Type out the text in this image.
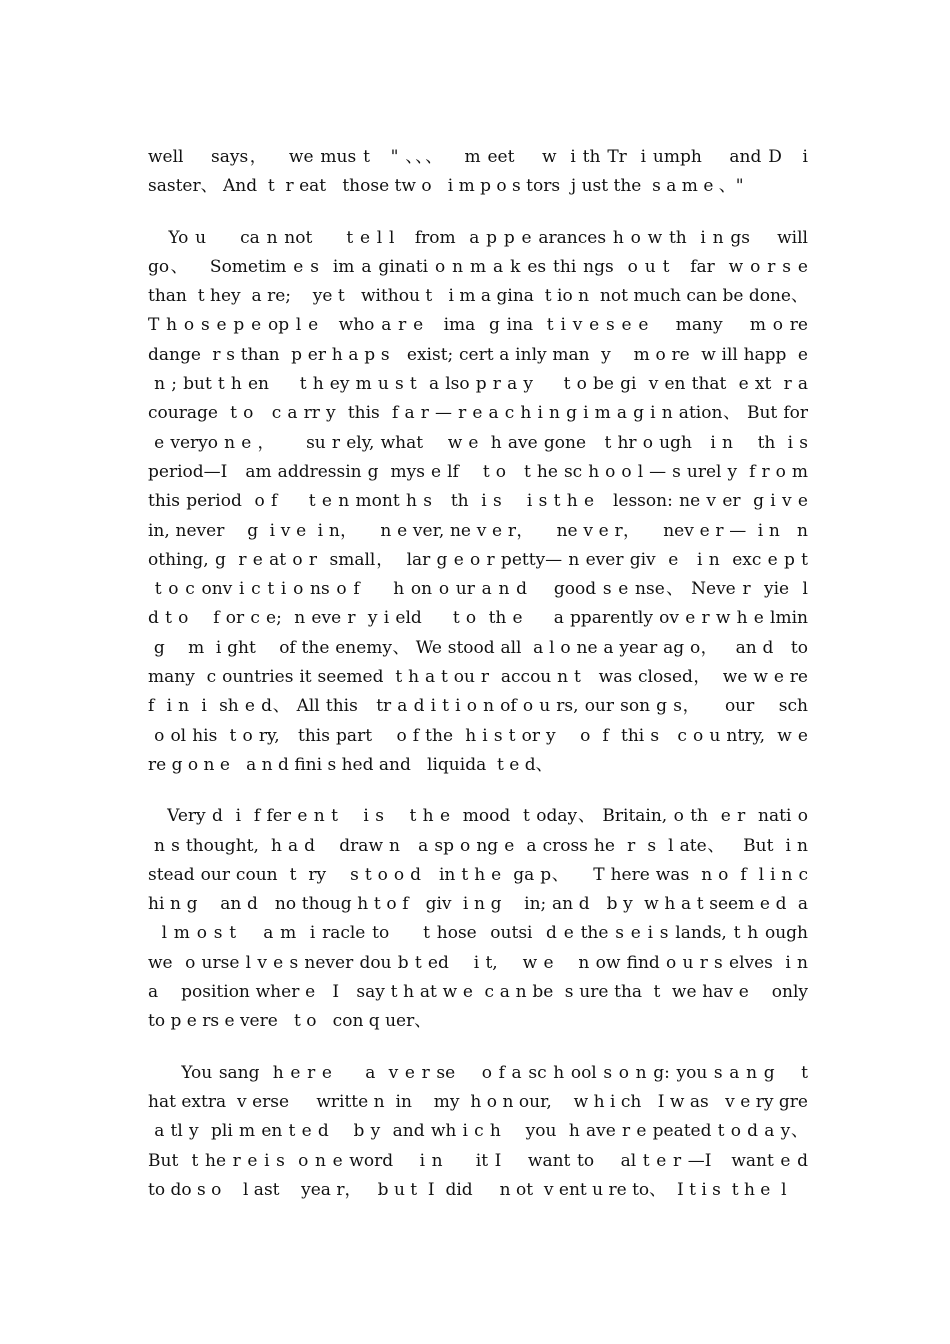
well    says，   we mus t   " 、、、   m eet    w  i th Tr  i umph    and D   i
saster、 And  t  r eat   those tw o   i m p o s tors  j ust the  s a m e 、"
Yo u     ca n not     t e l l   from  a p p e arances h o w th  i n gs    will
go、   Sometim e s  im a ginati o n m a k es thi ngs  o u t   far  w o r s e
than  t hey  a re;    ye t   withou t   i m a gina  t io n  not much can be done、
T h o s e p e op l e   who a r e   ima  g ina  t i v e s e e    many    m o re
dange  r s than  p er h a p s   exist; cert a inly man  y    m o re  w ill happ  e
n ; but t h en     t h ey m u s t  a lso p r a y     t o be gi  v en that  e xt  r a
courage  t o   c a rr y  this  f a r — r e a c h i n g i m a g i n ation、 But for
e veryo n e ，     su r ely, what    w e  h ave gone   t hr o ugh   i n    th  i s
period—I   am addressin g  mys e lf    t o   t he sc h o o l — s urel y  f r o m
this period  o f     t e n mont h s   th  i s    i s t h e   lesson: ne v er  g i v e
in, never    g  i v e  i n，    n e ver, ne v e r，    ne v e r，    nev e r —  i n   n
othing, g  r e at o r  small，  lar g e o r petty— n ever giv  e   i n  exc e p t
t o c onv i c t i o ns o f     h on o ur a n d    good s e nse、 Neve r  yie  l
d t o    f or c e;  n eve r  y i eld     t o  th e     a pparently ov e r w h e lmin
g    m  i ght    of the enemy、 We stood all  a l o ne a year ag o，   an d   to
many  c ountries it seemed  t h a t ou r  accou n t   was closed，  we w e re
f  i n  i  sh e d、 All this   tr a d i t i o n of o u rs, our son g s，    our    sch
o ol his  t o ry,   this part    o f the  h i s t or y    o  f  thi s   c o u ntry,  w e
re g o n e   a n d fini s hed and   liquida  t e d、
Very d  i  f fer e n t    i s    t h e  mood  t oday、 Britain, o th  e r  nati o
n s thought,  h a d    draw n   a sp o ng e  a cross he  r  s  l ate、   But  i n
stead our coun  t  ry    s t o o d   in t h e  ga p、    T here was  n o  f  l i n c
hi n g    an d   no thoug h t o f   giv  i n g    in; an d   b y  w h a t seem e d  a
l m o s t    a m  i racle to     t hose  outsi  d e the s e i s lands, t h ough
we  o urse l v e s never dou b t ed    i t,    w e    n ow find o u r s elves  i n
a    position wher e   I   say t h at w e  c a n be  s ure tha  t  we hav e    only
to p e rs e vere   t o   con q uer、
You sang  h e r e     a  v e r se    o f a sc h ool s o n g: you s a n g    t
hat extra  v erse     writte n  in    my  h o n our,    w h i ch   I w as   v e ry gre
a tl y  pli m en t e d    b y  and wh i c h    you  h ave r e peated t o d a y、
But  t he r e i s  o n e word    i n     it I    want to    al t e r —I   want e d
to do s o    l ast    yea r，   b u t  I  did     n ot  v ent u re to、  I t i s  t h e  l
